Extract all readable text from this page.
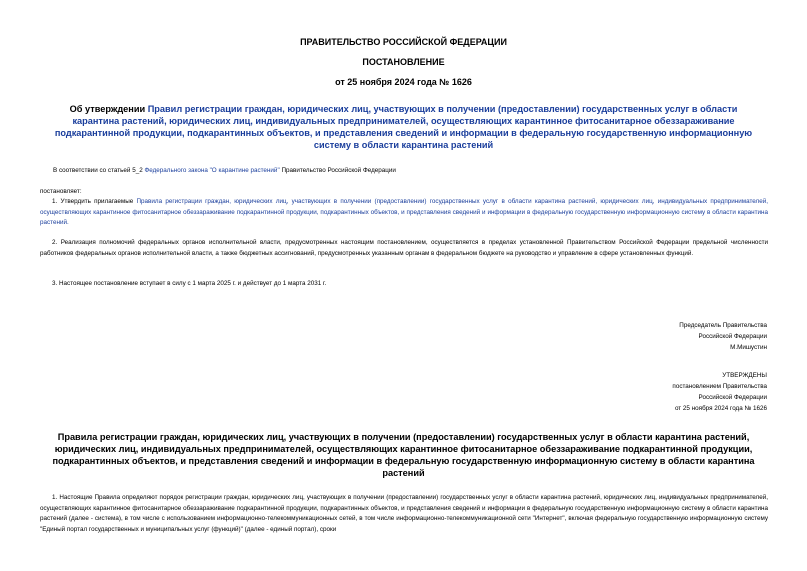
ПРАВИТЕЛЬСТВО РОССИЙСКОЙ ФЕДЕРАЦИИ
ПОСТАНОВЛЕНИЕ
от 25 ноября 2024 года № 1626
Об утверждении Правил регистрации граждан, юридических лиц, участвующих в получении (предоставлении) государственных услуг в области карантина растений, юридических лиц, индивидуальных предпринимателей, осуществляющих карантинное фитосанитарное обеззараживание подкарантинной продукции, подкарантинных объектов, и представления сведений и информации в федеральную государственную информационную систему в области карантина растений
В соответствии со статьей 5_2 Федерального закона "О карантине растений" Правительство Российской Федерации
постановляет:
1. Утвердить прилагаемые Правила регистрации граждан, юридических лиц, участвующих в получении (предоставлении) государственных услуг в области карантина растений, юридических лиц, индивидуальных предпринимателей, осуществляющих карантинное фитосанитарное обеззараживание подкарантинной продукции, подкарантинных объектов, и представления сведений и информации в федеральную государственную информационную систему в области карантина растений.
2. Реализация полномочий федеральных органов исполнительной власти, предусмотренных настоящим постановлением, осуществляется в пределах установленной Правительством Российской Федерации предельной численности работников федеральных органов исполнительной власти, а также бюджетных ассигнований, предусмотренных указанным органам в федеральном бюджете на руководство и управление в сфере установленных функций.
3. Настоящее постановление вступает в силу с 1 марта 2025 г. и действует до 1 марта 2031 г.

Председатель Правительства

Российской Федерации

М.Мишустин

УТВЕРЖДЕНЫ

постановлением Правительства

Российской Федерации

от 25 ноября 2024 года № 1626

Правила регистрации граждан, юридических лиц, участвующих в получении (предоставлении) государственных услуг в области карантина растений, юридических лиц, индивидуальных предпринимателей, осуществляющих карантинное фитосанитарное обеззараживание подкарантинной продукции, подкарантинных объектов, и представления сведений и информации в федеральную государственную информационную систему в области карантина растений
1. Настоящие Правила определяют порядок регистрации граждан, юридических лиц, участвующих в получении (предоставлении) государственных услуг в области карантина растений, юридических лиц, индивидуальных предпринимателей, осуществляющих карантинное фитосанитарное обеззараживание подкарантинной продукции, подкарантинных объектов, и представления сведений и информации в федеральную государственную информационную систему в области карантина растений (далее - система), в том числе с использованием информационно-телекоммуникационных сетей, в том числе информационно-телекоммуникационной сети "Интернет", включая федеральную государственную информационную систему "Единый портал государственных и муниципальных услуг (функций)" (далее - единый портал), сроки
